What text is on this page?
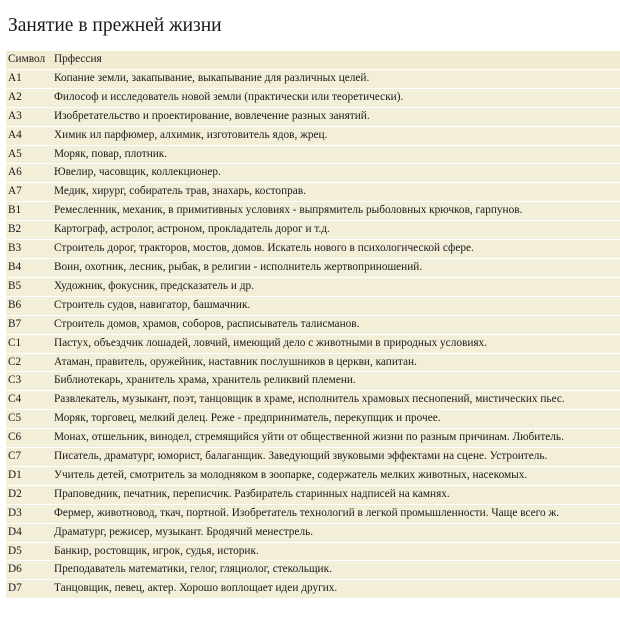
Занятие в прежней жизни
Символ	Прфессия
A1	Копание земли, закапывание, выкапывание для различных целей.
A2	Философ и исследователь новой земли (практически или теоретически).
A3	Изобретательство и проектирование, вовлечение разных занятий.
A4	Химик ил парфюмер, алхимик, изготовитель ядов, жрец.
A5	Моряк, повар, плотник.
A6	Ювелир, часовщик, коллекционер.
A7	Медик, хирург, собиратель трав, знахарь, костоправ.
B1	Ремесленник, механик, в примитивных условиях - выпрямитель рыболовных крючков, гарпунов.
B2	Картограф, астролог, астроном, прокладатель дорог и т.д.
B3	Строитель дорог, тракторов, мостов, домов. Искатель нового в психологической сфере.
B4	Воин, охотник, лесник, рыбак, в религии - исполнитель жертвоприношений.
B5	Художник, фокусник, предсказатель и др.
B6	Строитель судов, навигатор, башмачник.
B7	Строитель домов, храмов, соборов, расписыватель талисманов.
C1	Пастух, объездчик лошадей, ловчий, имеющий дело с животными в природных условиях.
C2	Атаман, правитель, оружейник, наставник послушников в церкви, капитан.
C3	Библиотекарь, хранитель храма, хранитель реликвий племени.
C4	Развлекатель, музыкант, поэт, танцовщик в храме, исполнитель храмовых песнопений, мистических пьес.
C5	Моряк, торговец, мелкий делец. Реже - предприниматель, перекупщик и прочее.
C6	Монах, отшельник, винодел, стремящийся уйти от общественной жизни по разным причинам. Любитель.
C7	Писатель, драматург, юморист, балаганщик. Заведующий звуковыми эффектами на сцене. Устроитель.
D1	Учитель детей, смотритель за молодняком в зоопарке, содержатель мелких животных, насекомых.
D2	Праповедник, печатник, переписчик. Разбиратель старинных надписей на камнях.
D3	Фермер, животновод, ткач, портной. Изобретатель технологий в легкой промышленности. Чаще всего ж.
D4	Драматург, режисер, музыкант. Бродячий менестрель.
D5	Банкир, ростовщик, игрок, судья, историк.
D6	Преподаватель математики, гелог, гляциолог, стекольщик.
D7	Танцовщик, певец, актер. Хорошо воплощает идеи других.
